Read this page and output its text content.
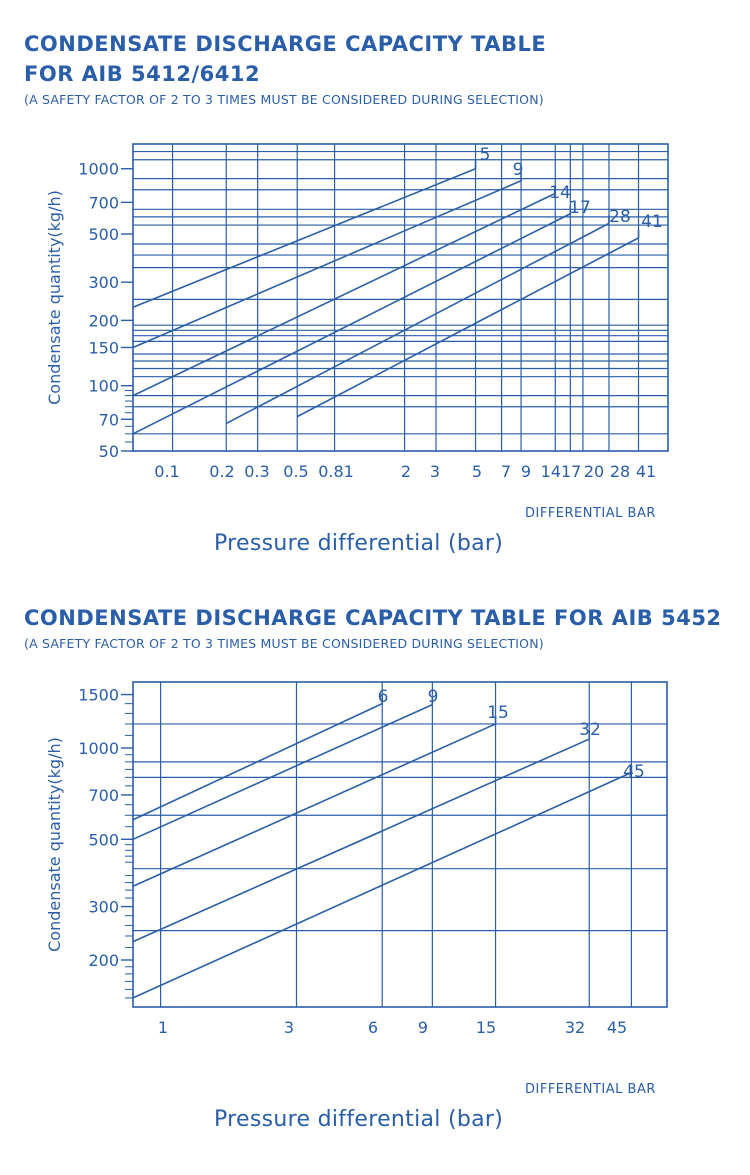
CONDENSATE DISCHARGE CAPACITY TABLE
FOR AIB 5412/6412
(A SAFETY FACTOR OF 2 TO 3 TIMES MUST BE CONSIDERED DURING SELECTION)
1000
700
500
300
200
150
100
70
50
Condensate quantity(kg/h)
0.1 0.2 0.3 0.5 0.81	2 3 5 7 9 1417 20 28 41
5
9
14
17 28 41
DIFFERENTIAL BAR
Pressure differential (bar)
CONDENSATE DISCHARGE CAPACITY TABLE FOR AIB 5452
(A SAFETY FACTOR OF 2 TO 3 TIMES MUST BE CONSIDERED DURING SELECTION)
1500
1000
700
500
300
200
Condensate quantity(kg/h)
1	3	6 9	15	32 45
6 9
15
32
45
DIFFERENTIAL BAR
Pressure differential (bar)
